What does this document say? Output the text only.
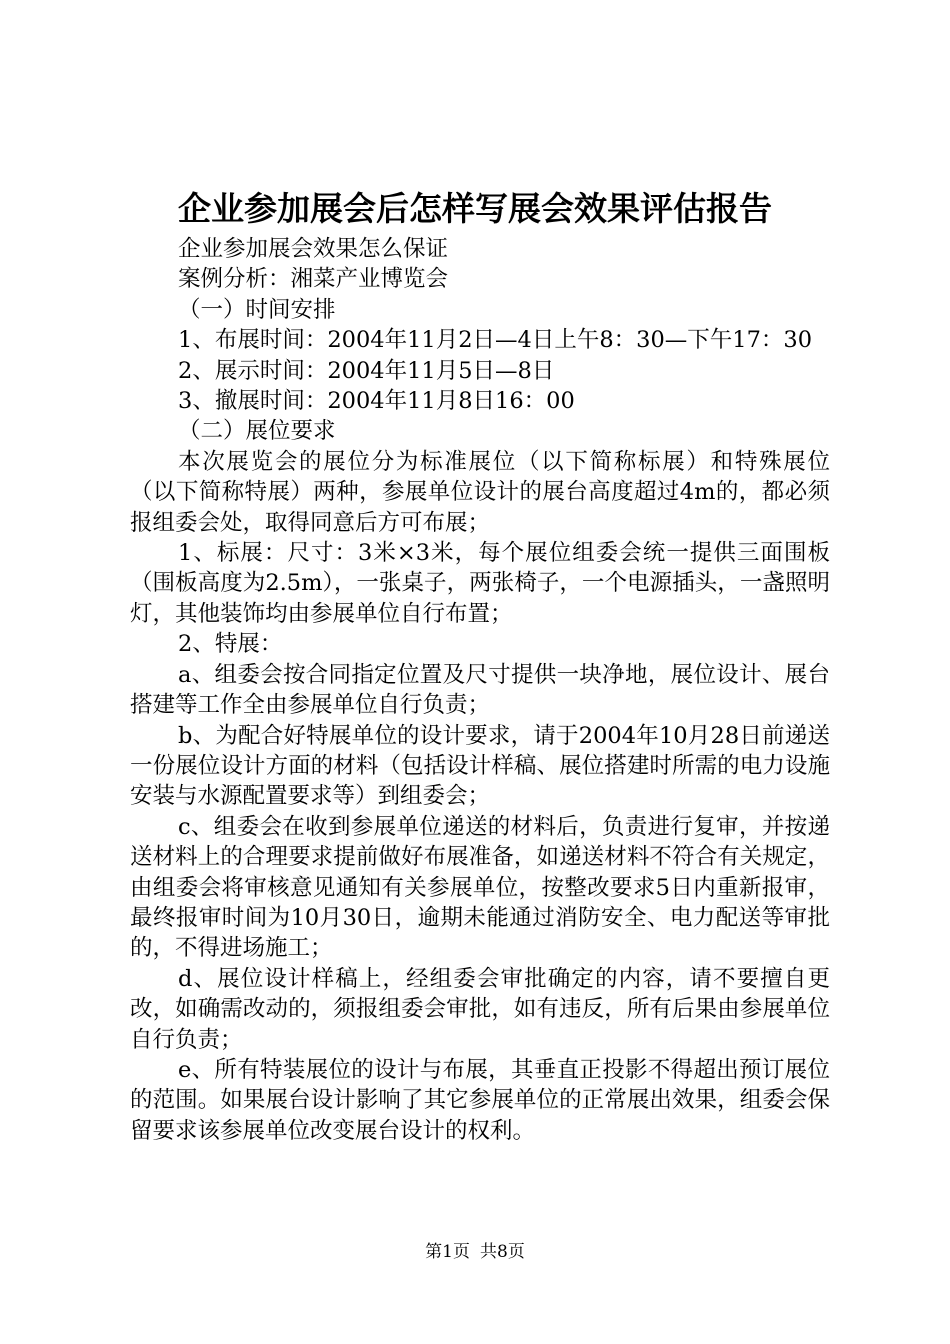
企业参加展会后怎样写展会效果评估报告

企业参加展会效果怎么保证

案例分析：湘菜产业博览会

（一）时间安排

1、布展时间：2004年11月2日—4日上午8：30—下午17：30

2、展示时间：2004年11月5日—8日

3、撤展时间：2004年11月8日16：00

（二）展位要求

本次展览会的展位分为标准展位（以下简称标展）和特殊展位（以下简称特展）两种，参展单位设计的展台高度超过4m的，都必须报组委会处，取得同意后方可布展；

1、标展：尺寸：3米×3米，每个展位组委会统一提供三面围板（围板高度为2.5m），一张桌子，两张椅子，一个电源插头，一盏照明灯，其他装饰均由参展单位自行布置；

2、特展：

a、组委会按合同指定位置及尺寸提供一块净地，展位设计、展台搭建等工作全由参展单位自行负责；

b、为配合好特展单位的设计要求，请于2004年10月28日前递送一份展位设计方面的材料（包括设计样稿、展位搭建时所需的电力设施安装与水源配置要求等）到组委会；

c、组委会在收到参展单位递送的材料后，负责进行复审，并按递送材料上的合理要求提前做好布展准备，如递送材料不符合有关规定，由组委会将审核意见通知有关参展单位，按整改要求5日内重新报审，最终报审时间为10月30日，逾期未能通过消防安全、电力配送等审批的，不得进场施工；

d、展位设计样稿上，经组委会审批确定的内容，请不要擅自更改，如确需改动的，须报组委会审批，如有违反，所有后果由参展单位自行负责；

e、所有特装展位的设计与布展，其垂直正投影不得超出预订展位的范围。如果展台设计影响了其它参展单位的正常展出效果，组委会保留要求该参展单位改变展台设计的权利。

第1页 共8页
